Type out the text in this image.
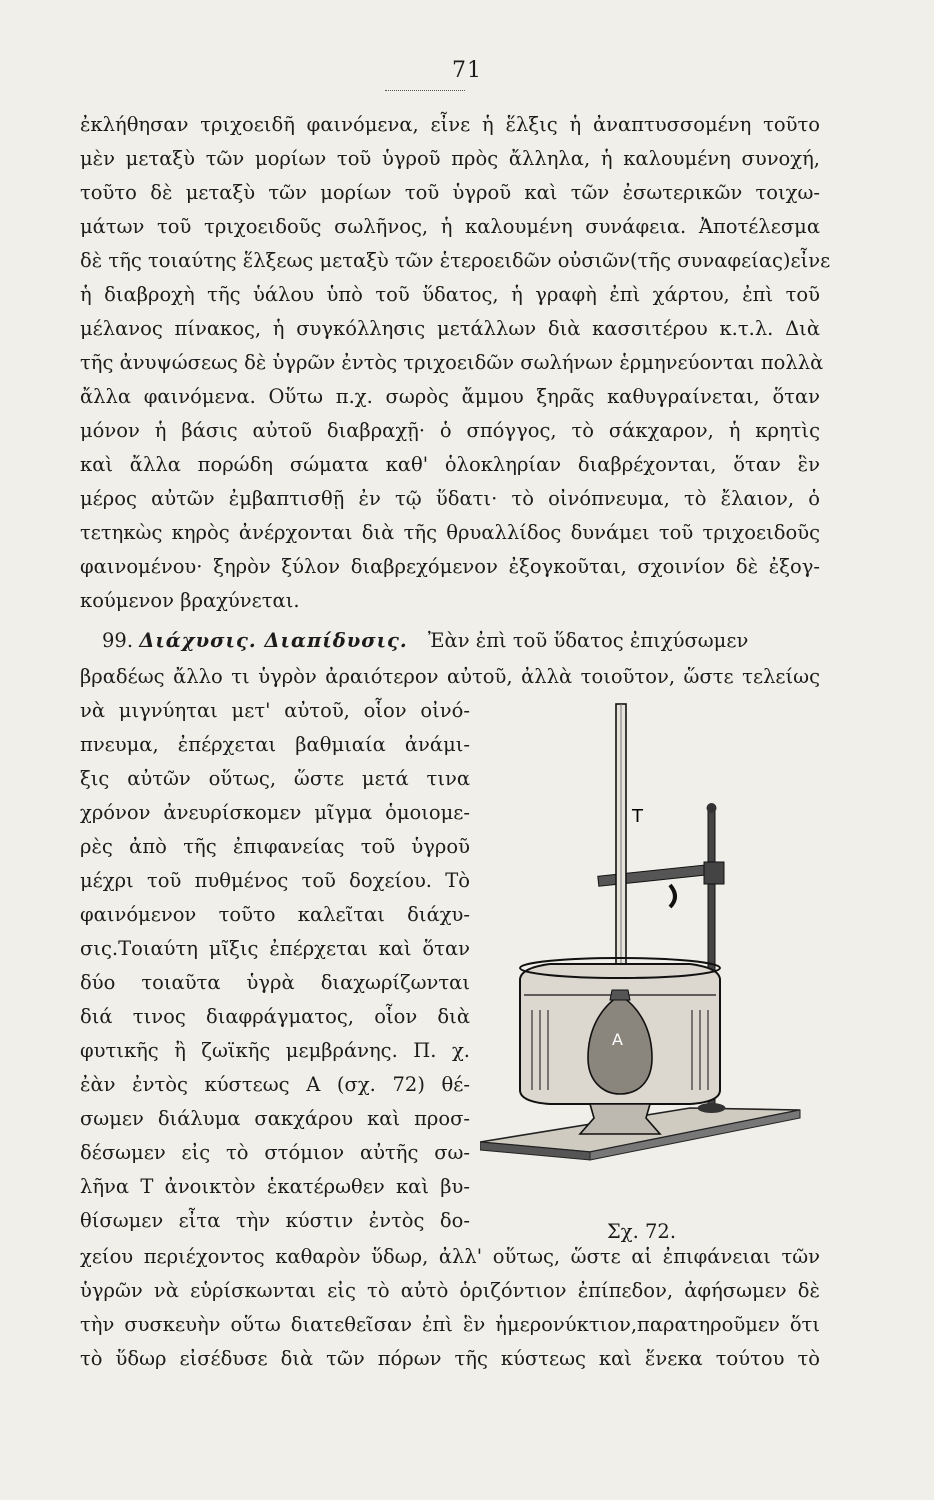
71
ἐκλήθησαν τριχοειδῆ φαινόμενα, εἶνε ἡ ἕλξις ἡ ἀναπτυσσομένη τοῦτο
μὲν μεταξὺ τῶν μορίων τοῦ ὑγροῦ πρὸς ἄλληλα, ἡ καλουμένη συνοχή,
τοῦτο δὲ μεταξὺ τῶν μορίων τοῦ ὑγροῦ καὶ τῶν ἐσωτερικῶν τοιχω-
μάτων τοῦ τριχοειδοῦς σωλῆνος, ἡ καλουμένη συνάφεια. Ἀποτέλεσμα
δὲ τῆς τοιαύτης ἕλξεως μεταξὺ τῶν ἑτεροειδῶν οὐσιῶν(τῆς συναφείας)εἶνε
ἡ διαβροχὴ τῆς ὑάλου ὑπὸ τοῦ ὕδατος, ἡ γραφὴ ἐπὶ χάρτου, ἐπὶ τοῦ
μέλανος πίνακος, ἡ συγκόλλησις μετάλλων διὰ κασσιτέρου κ.τ.λ. Διὰ
τῆς ἀνυψώσεως δὲ ὑγρῶν ἐντὸς τριχοειδῶν σωλήνων ἑρμηνεύονται πολλὰ
ἄλλα φαινόμενα. Οὕτω π.χ. σωρὸς ἄμμου ξηρᾶς καθυγραίνεται, ὅταν
μόνον ἡ βάσις αὐτοῦ διαβραχῇ· ὁ σπόγγος, τὸ σάκχαρον, ἡ κρητὶς
καὶ ἄλλα πορώδη σώματα καθ' ὁλοκληρίαν διαβρέχονται, ὅταν ἓν
μέρος αὐτῶν ἐμβαπτισθῇ ἐν τῷ ὕδατι· τὸ οἰνόπνευμα, τὸ ἔλαιον, ὁ
τετηκὼς κηρὸς ἀνέρχονται διὰ τῆς θρυαλλίδος δυνάμει τοῦ τριχοειδοῦς
φαινομένου· ξηρὸν ξύλον διαβρεχόμενον ἐξογκοῦται, σχοινίον δὲ ἐξογ-
κούμενον βραχύνεται.
99. Διάχυσις. Διαπίδυσις. Ἐὰν ἐπὶ τοῦ ὕδατος ἐπιχύσωμεν
βραδέως ἄλλο τι ὑγρὸν ἀραιότερον αὐτοῦ, ἀλλὰ τοιοῦτον, ὥστε τελείως
νὰ μιγνύηται μετ' αὐτοῦ, οἷον οἰνό-
πνευμα, ἐπέρχεται βαθμιαία ἀνάμι-
ξις αὐτῶν οὕτως, ὥστε μετά τινα
χρόνον ἀνευρίσκομεν μῖγμα ὁμοιομε-
ρὲς ἀπὸ τῆς ἐπιφανείας τοῦ ὑγροῦ
μέχρι τοῦ πυθμένος τοῦ δοχείου. Τὸ
φαινόμενον τοῦτο καλεῖται διάχυ-
σις.Τοιαύτη μῖξις ἐπέρχεται καὶ ὅταν
δύο τοιαῦτα ὑγρὰ διαχωρίζωνται
διά τινος διαφράγματος, οἷον διὰ
φυτικῆς ἢ ζωϊκῆς μεμβράνης. Π. χ.
ἐὰν ἐντὸς κύστεως Α (σχ. 72) θέ-
σωμεν διάλυμα σακχάρου καὶ προσ-
δέσωμεν εἰς τὸ στόμιον αὐτῆς σω-
λῆνα Τ ἀνοικτὸν ἑκατέρωθεν καὶ βυ-
θίσωμεν εἶτα τὴν κύστιν ἐντὸς δο-
T
A
Σχ. 72.
χείου περιέχοντος καθαρὸν ὕδωρ, ἀλλ' οὕτως, ὥστε αἱ ἐπιφάνειαι τῶν
ὑγρῶν νὰ εὑρίσκωνται εἰς τὸ αὐτὸ ὁριζόντιον ἐπίπεδον, ἀφήσωμεν δὲ
τὴν συσκευὴν οὕτω διατεθεῖσαν ἐπὶ ἓν ἡμερονύκτιον,παρατηροῦμεν ὅτι
τὸ ὕδωρ εἰσέδυσε διὰ τῶν πόρων τῆς κύστεως καὶ ἕνεκα τούτου τὸ
